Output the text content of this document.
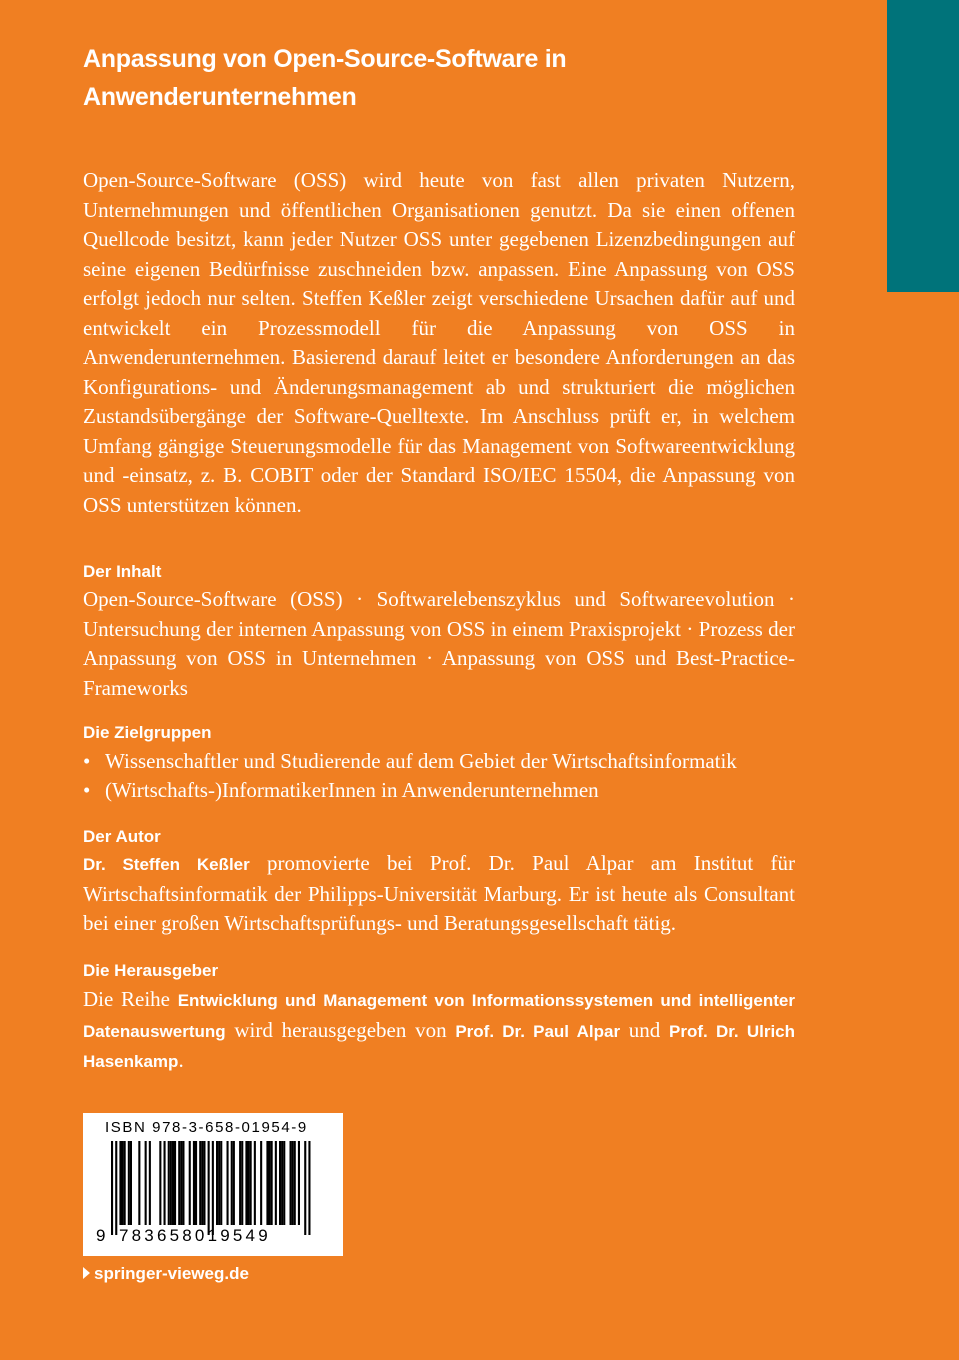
Anpassung von Open-Source-Software in
Anwenderunternehmen

Open-Source-Software (OSS) wird heute von fast allen privaten Nutzern, Unternehmungen und öffentlichen Organisationen genutzt. Da sie einen offenen Quellcode besitzt, kann jeder Nutzer OSS unter gegebenen Lizenzbedingungen auf seine eigenen Bedürfnisse zuschneiden bzw. anpassen. Eine Anpassung von OSS erfolgt jedoch nur selten. Steffen Keßler zeigt verschiedene Ursachen dafür auf und entwickelt ein Prozessmodell für die Anpassung von OSS in Anwenderunternehmen. Basierend darauf leitet er besondere Anforderungen an das Konfigurations- und Änderungsmanagement ab und strukturiert die möglichen Zustandsübergänge der Software-Quelltexte. Im Anschluss prüft er, in welchem Umfang gängige Steuerungsmodelle für das Management von Softwareentwicklung und -einsatz, z. B. COBIT oder der Standard ISO/IEC 15504, die Anpassung von OSS unterstützen können.

Der Inhalt

Open-Source-Software (OSS) · Softwarelebenszyklus und Softwareevolution · Untersuchung der internen Anpassung von OSS in einem Praxisprojekt · Prozess der Anpassung von OSS in Unternehmen · Anpassung von OSS und Best-Practice-Frameworks

Die Zielgruppen
• Wissenschaftler und Studierende auf dem Gebiet der Wirtschaftsinformatik
• (Wirtschafts-)InformatikerInnen in Anwenderunternehmen
Der Autor

Dr. Steffen Keßler promovierte bei Prof. Dr. Paul Alpar am Institut für Wirtschaftsinformatik der Philipps-Universität Marburg. Er ist heute als Consultant bei einer großen Wirtschaftsprüfungs- und Beratungsgesellschaft tätig.

Die Herausgeber

Die Reihe Entwicklung und Management von Informationssystemen und intelligenter Datenauswertung wird herausgegeben von Prof. Dr. Paul Alpar und Prof. Dr. Ulrich Hasenkamp.

ISBN 978-3-658-01954-9
9 783658019549
springer-vieweg.de
